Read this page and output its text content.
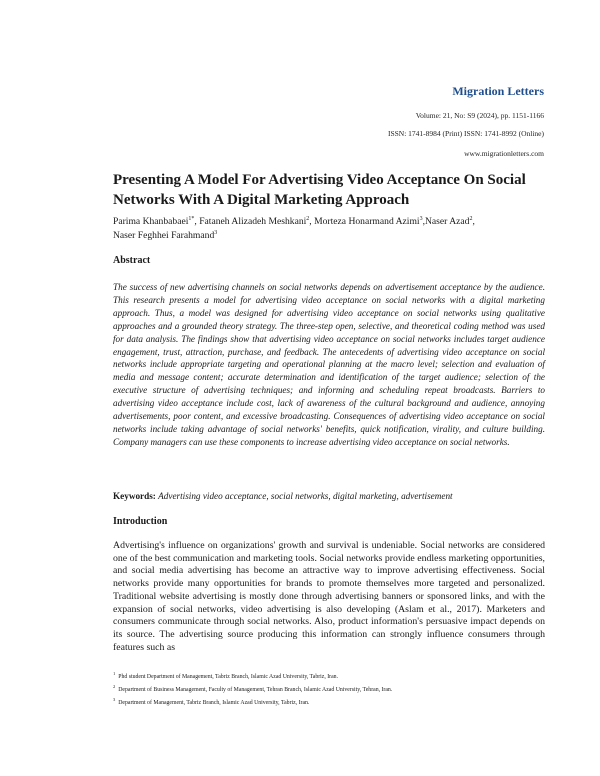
Migration Letters
Volume: 21, No: S9 (2024), pp. 1151-1166
ISSN: 1741-8984 (Print) ISSN: 1741-8992 (Online)
www.migrationletters.com
Presenting A Model For Advertising Video Acceptance On Social Networks With A Digital Marketing Approach
Parima Khanbabaei$^{1*}$, Fataneh Alizadeh Meshkani$^2$, Morteza Honarmand Azimi$^3$,Naser Azad$^2$,
Naser Feghhei Farahmand$^3$
Abstract
The success of new advertising channels on social networks depends on advertisement acceptance by the audience. This research presents a model for advertising video acceptance on social networks with a digital marketing approach. Thus, a model was designed for advertising video acceptance on social networks using qualitative approaches and a grounded theory strategy. The three-step open, selective, and theoretical coding method was used for data analysis. The findings show that advertising video acceptance on social networks includes target audience engagement, trust, attraction, purchase, and feedback. The antecedents of advertising video acceptance on social networks include appropriate targeting and operational planning at the macro level; selection and evaluation of media and message content; accurate determination and identification of the target audience; selection of the executive structure of advertising techniques; and informing and scheduling repeat broadcasts. Barriers to advertising video acceptance include cost, lack of awareness of the cultural background and audience, annoying advertisements, poor content, and excessive broadcasting. Consequences of advertising video acceptance on social networks include taking advantage of social networks' benefits, quick notification, virality, and culture building. Company managers can use these components to increase advertising video acceptance on social networks.
Keywords: Advertising video acceptance, social networks, digital marketing, advertisement
Introduction
Advertising's influence on organizations' growth and survival is undeniable. Social networks are considered one of the best communication and marketing tools. Social networks provide endless marketing opportunities, and social media advertising has become an attractive way to improve advertising effectiveness. Social networks provide many opportunities for brands to promote themselves more targeted and personalized. Traditional website advertising is mostly done through advertising banners or sponsored links, and with the expansion of social networks, video advertising is also developing (Aslam et al., 2017). Marketers and consumers communicate through social networks. Also, product information's persuasive impact depends on its source. The advertising source producing this information can strongly influence consumers through features such as
$^1$Phd student Department of Management, Tabriz Branch, Islamic Azad University, Tabriz, Iran.
$^2$Department of Business Management, Faculty of Management, Tehran Branch, Islamic Azad University, Tehran, Iran.
$^3$Department of Management, Tabriz Branch, Islamic Azad University, Tabriz, Iran.
